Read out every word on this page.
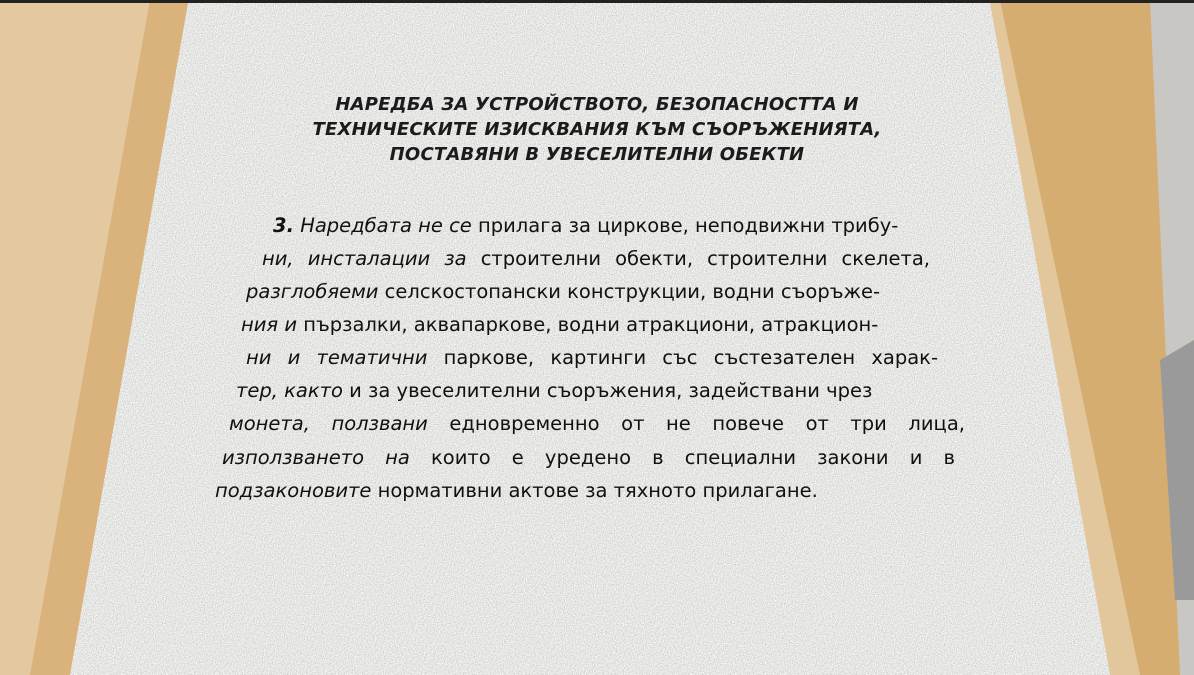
НАРЕДБА ЗА УСТРОЙСТВОТО, БЕЗОПАСНОСТТА И
ТЕХНИЧЕСКИТЕ ИЗИСКВАНИЯ КЪМ СЪОРЪЖЕНИЯТА,
ПОСТАВЯНИ В УВЕСЕЛИТЕЛНИ ОБЕКТИ
3. Наредбата не се прилага за циркове, неподвижни трибу-
ни, инсталации за строителни обекти, строителни скелета,
разглобяеми селскостопански конструкции, водни съоръже-
ния и пързалки, аквапаркове, водни атракциони, атракцион-
ни и тематични паркове, картинги със състезателен харак-
тер, както и за увеселителни съоръжения, задействани чрез
монета, ползвани едновременно от не повече от три лица,
използването на които е уредено в специални закони и в
подзаконовите нормативни актове за тяхното прилагане.
